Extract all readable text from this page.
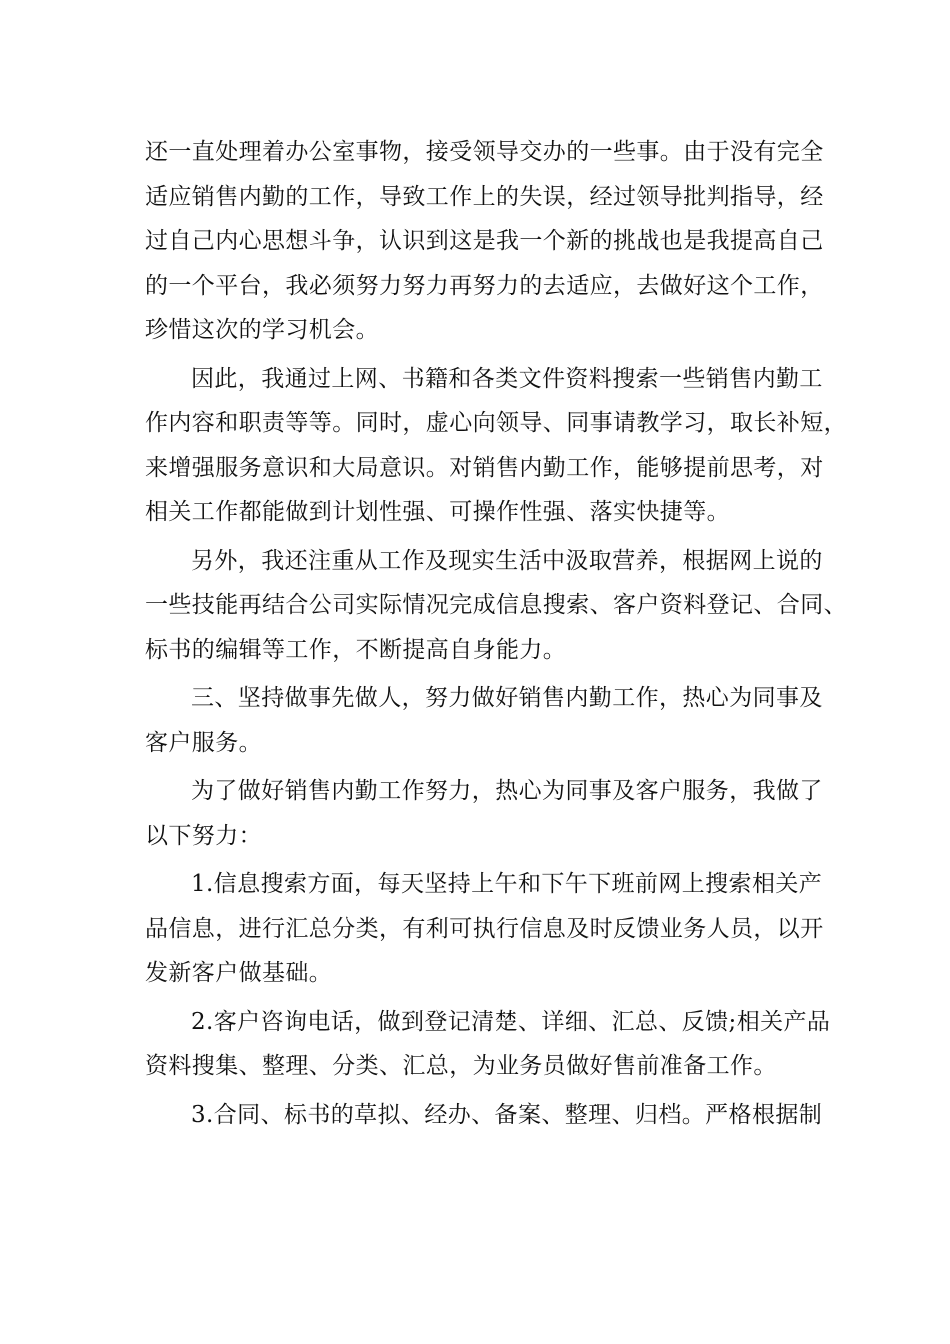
还一直处理着办公室事物，接受领导交办的一些事。由于没有完全
适应销售内勤的工作，导致工作上的失误，经过领导批判指导，经
过自己内心思想斗争，认识到这是我一个新的挑战也是我提高自己
的一个平台，我必须努力努力再努力的去适应，去做好这个工作，
珍惜这次的学习机会。
因此，我通过上网、书籍和各类文件资料搜索一些销售内勤工
作内容和职责等等。同时，虚心向领导、同事请教学习，取长补短，
来增强服务意识和大局意识。对销售内勤工作，能够提前思考，对
相关工作都能做到计划性强、可操作性强、落实快捷等。
另外，我还注重从工作及现实生活中汲取营养，根据网上说的
一些技能再结合公司实际情况完成信息搜索、客户资料登记、合同、
标书的编辑等工作，不断提高自身能力。
三、坚持做事先做人，努力做好销售内勤工作，热心为同事及
客户服务。
为了做好销售内勤工作努力，热心为同事及客户服务，我做了
以下努力：
1.信息搜索方面，每天坚持上午和下午下班前网上搜索相关产
品信息，进行汇总分类，有利可执行信息及时反馈业务人员，以开
发新客户做基础。
2.客户咨询电话，做到登记清楚、详细、汇总、反馈;相关产品
资料搜集、整理、分类、汇总，为业务员做好售前准备工作。
3.合同、标书的草拟、经办、备案、整理、归档。严格根据制
